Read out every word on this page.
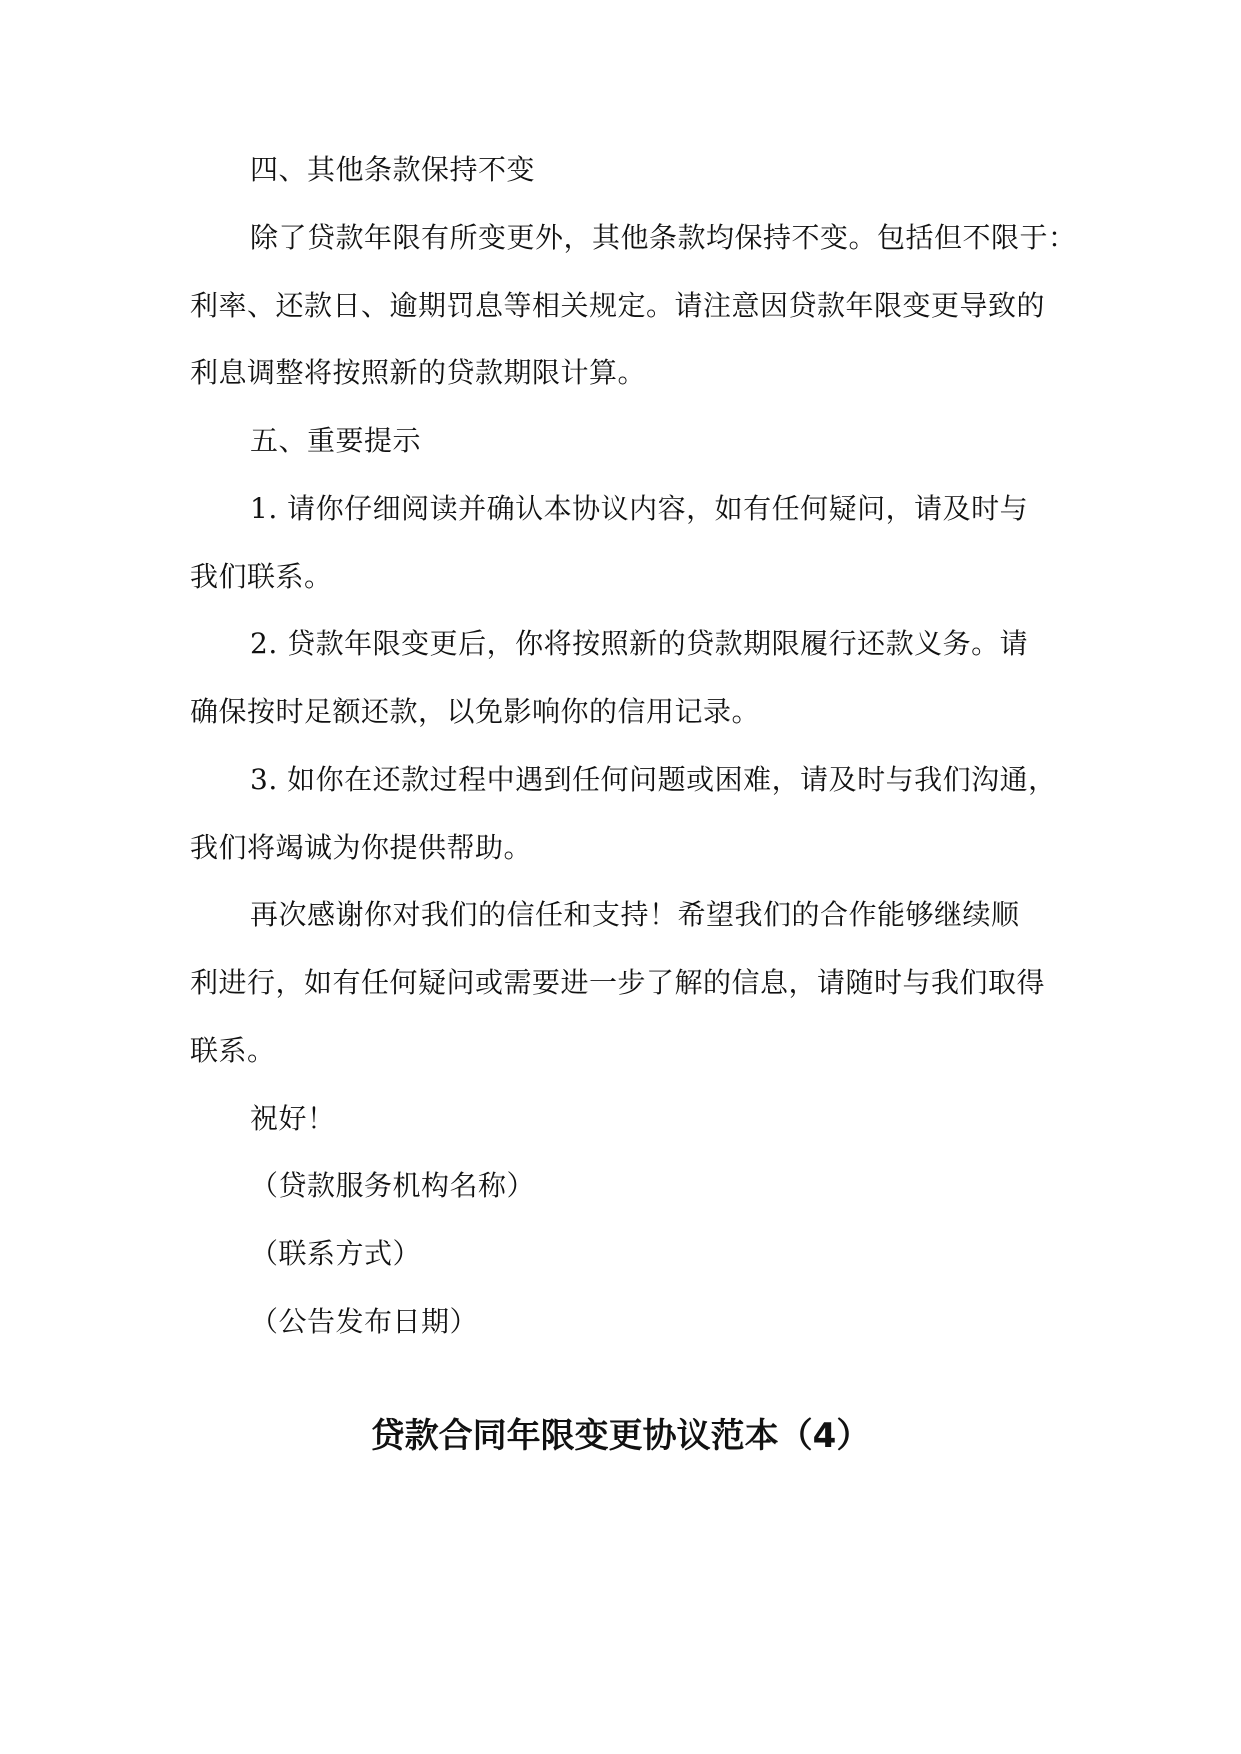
四、其他条款保持不变
除了贷款年限有所变更外，其他条款均保持不变。包括但不限于：
利率、还款日、逾期罚息等相关规定。请注意因贷款年限变更导致的
利息调整将按照新的贷款期限计算。
五、重要提示
1. 请你仔细阅读并确认本协议内容，如有任何疑问，请及时与
我们联系。
2. 贷款年限变更后，你将按照新的贷款期限履行还款义务。请
确保按时足额还款，以免影响你的信用记录。
3. 如你在还款过程中遇到任何问题或困难，请及时与我们沟通，
我们将竭诚为你提供帮助。
再次感谢你对我们的信任和支持！希望我们的合作能够继续顺
利进行，如有任何疑问或需要进一步了解的信息，请随时与我们取得
联系。
祝好！
（贷款服务机构名称）
（联系方式）
（公告发布日期）
贷款合同年限变更协议范本（4）
